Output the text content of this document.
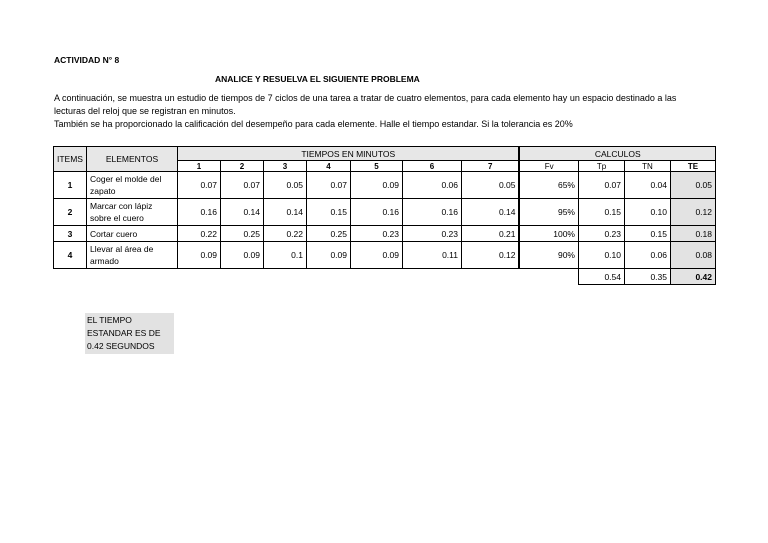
ACTIVIDAD N° 8
ANALICE Y RESUELVA EL SIGUIENTE PROBLEMA
A continuación, se muestra un estudio de tiempos de 7 ciclos de una tarea a tratar de cuatro elementos, para cada elemento hay un espacio destinado a las
lecturas del reloj que se registran en minutos.
También se ha proporcionado la calificación del desempeño para cada elemente. Halle el tiempo estandar. Si la tolerancia es 20%
ITEMS	ELEMENTOS	TIEMPOS EN MINUTOS							CALCULOS			
		1	2	3	4	5	6	7	Fv	Tp	TN	TE
1	Coger el molde del zapato	0.07	0.07	0.05	0.07	0.09	0.06	0.05	65%	0.07	0.04	0.05
2	Marcar con lápiz sobre el cuero	0.16	0.14	0.14	0.15	0.16	0.16	0.14	95%	0.15	0.10	0.12
3	Cortar cuero	0.22	0.25	0.22	0.25	0.23	0.23	0.21	100%	0.23	0.15	0.18
4	Llevar al área de armado	0.09	0.09	0.1	0.09	0.09	0.11	0.12	90%	0.10	0.06	0.08
										0.54	0.35	0.42
EL TIEMPO
ESTANDAR ES DE
0.42 SEGUNDOS
